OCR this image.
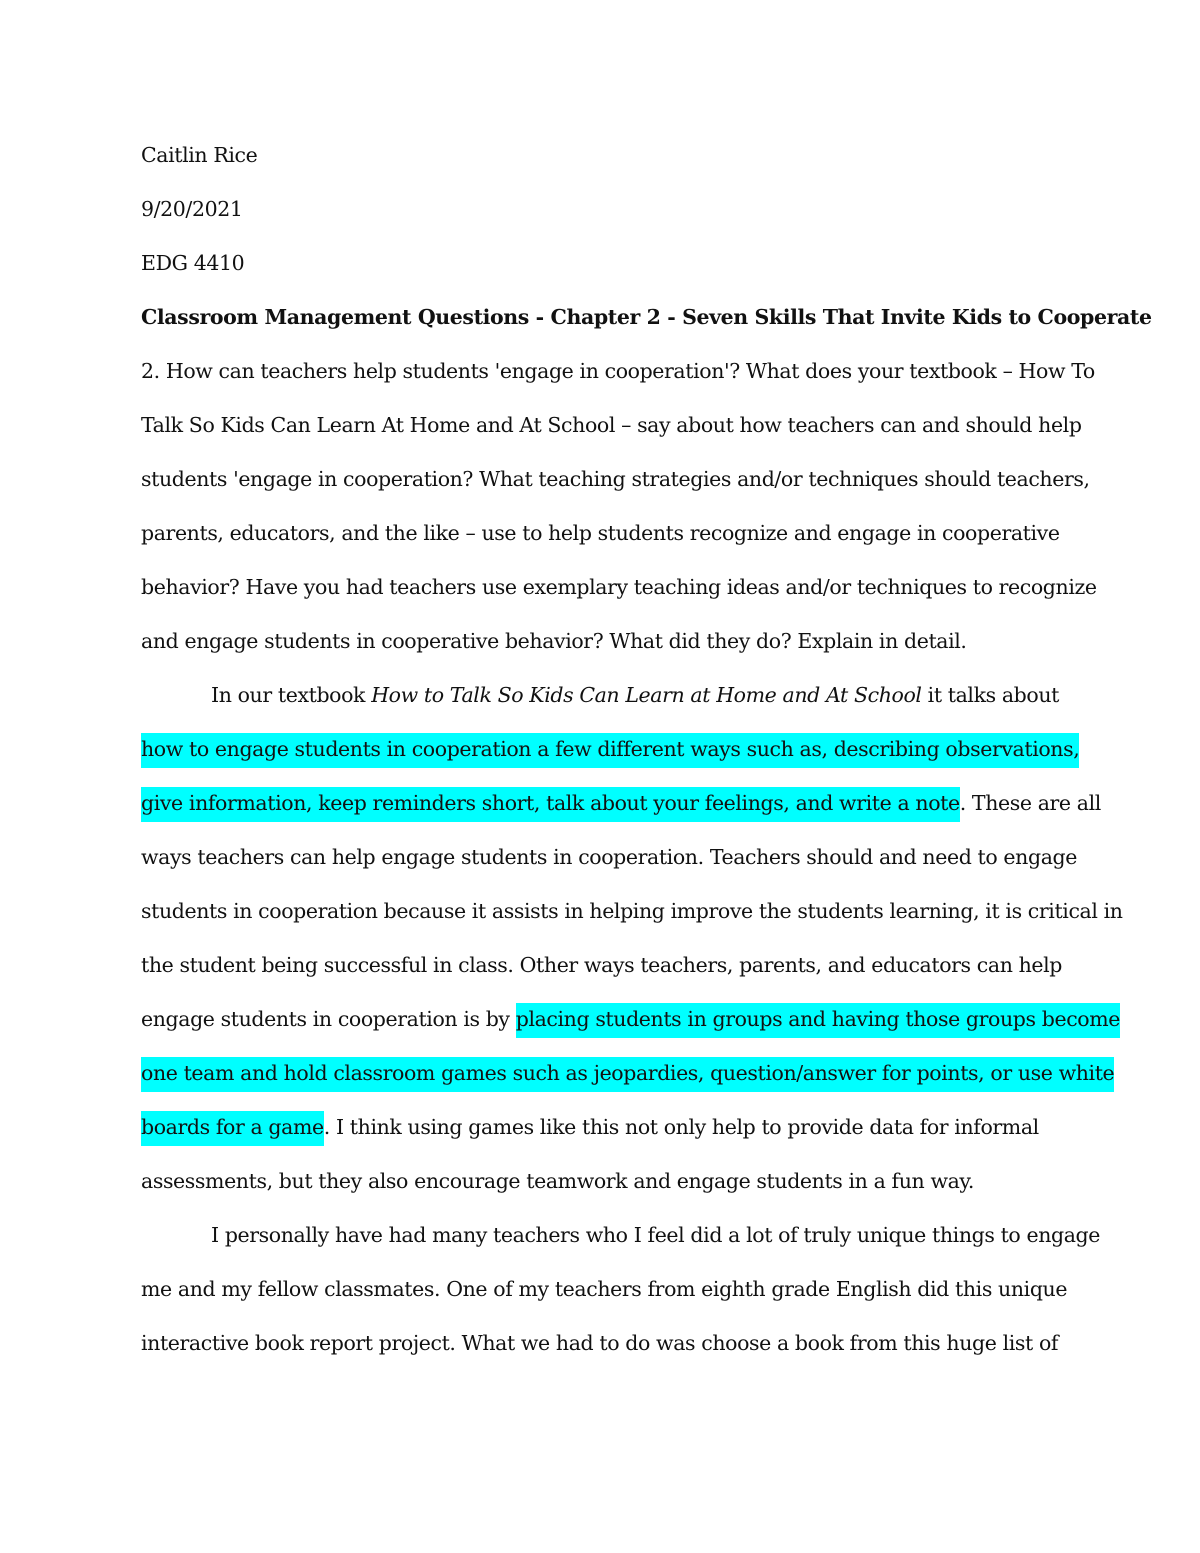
Caitlin Rice
9/20/2021
EDG 4410
Classroom Management Questions - Chapter 2 - Seven Skills That Invite Kids to Cooperate
2. How can teachers help students 'engage in cooperation'? What does your textbook – How To
Talk So Kids Can Learn At Home and At School – say about how teachers can and should help
students 'engage in cooperation? What teaching strategies and/or techniques should teachers,
parents, educators, and the like – use to help students recognize and engage in cooperative
behavior? Have you had teachers use exemplary teaching ideas and/or techniques to recognize
and engage students in cooperative behavior? What did they do? Explain in detail.
In our textbook How to Talk So Kids Can Learn at Home and At School it talks about
how to engage students in cooperation a few different ways such as, describing observations,
give information, keep reminders short, talk about your feelings, and write a note. These are all
ways teachers can help engage students in cooperation. Teachers should and need to engage
students in cooperation because it assists in helping improve the students learning, it is critical in
the student being successful in class. Other ways teachers, parents, and educators can help
engage students in cooperation is by placing students in groups and having those groups become
one team and hold classroom games such as jeopardies, question/answer for points, or use white
boards for a game. I think using games like this not only help to provide data for informal
assessments, but they also encourage teamwork and engage students in a fun way.
I personally have had many teachers who I feel did a lot of truly unique things to engage
me and my fellow classmates. One of my teachers from eighth grade English did this unique
interactive book report project. What we had to do was choose a book from this huge list of
